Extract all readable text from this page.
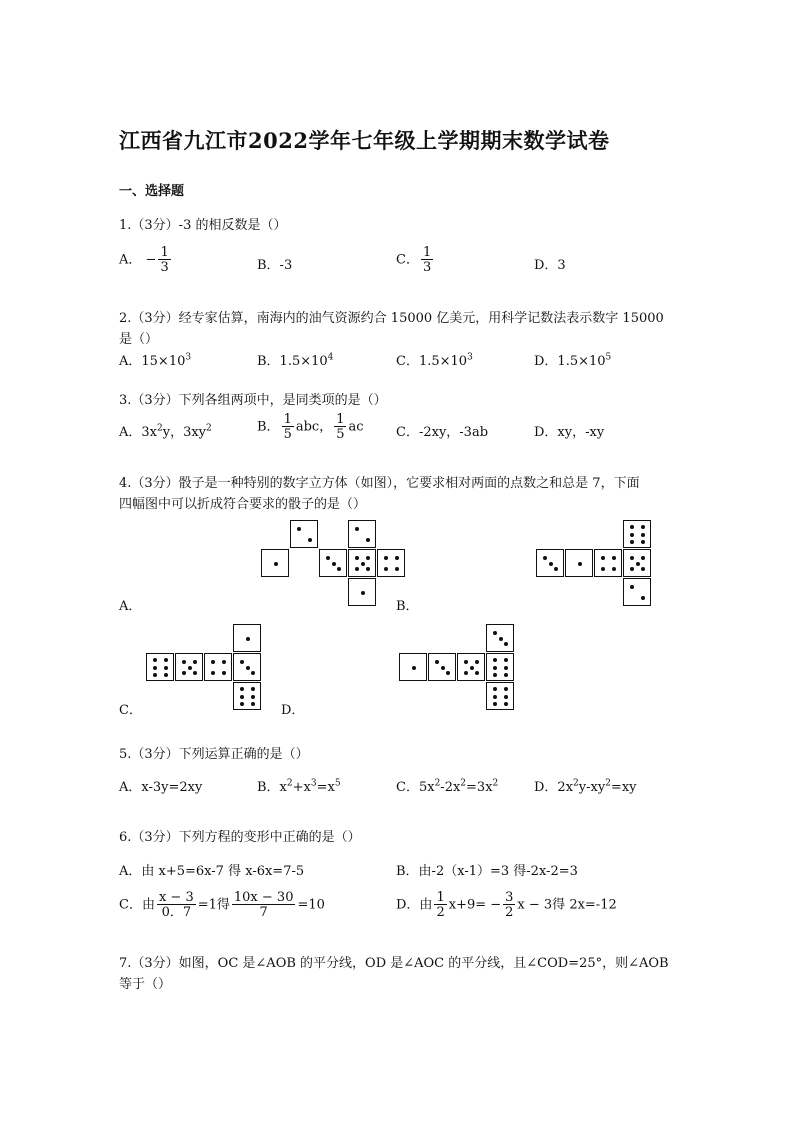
江西省九江市2022学年七年级上学期期末数学试卷
一、选择题
1.（3分）-3 的相反数是（）
A． − $\frac{1}{3}$	B．-3	C． $\frac{1}{3}$	D．3
2.（3分）经专家估算，南海内的油气资源约合 15000 亿美元，用科学记数法表示数字 15000
是（）
A．$15\times 10^3$	B．$1.5\times 10^4$	C．$1.5\times 10^3$	D．$1.5\times 10^5$
3.（3分）下列各组两项中，是同类项的是（）
A．$3x^2y$，$3xy^2$	B． $\frac{1}{5}$ abc， $\frac{1}{5}$ ac C．-2xy，-3ab	D．xy，-xy
4.（3分）骰子是一种特别的数字立方体（如图），它要求相对两面的点数之和总是 7，下面
四幅图中可以折成符合要求的骰子的是（）
A．	B．
C．	D．
5.（3分）下列运算正确的是（）
A．x-3y=2xy	B．$x^2+x^3=x^5$	C．$5x^2-2x^2=3x^2$	D．$2x^2y-xy^2=xy$
6.（3分）下列方程的变形中正确的是（）
A．由 x+5=6x-7 得 x-6x=7-5	B．由-2（x-1）=3 得-2x-2=3
C．由 $\frac{x - 3}{0.7} =1$得 $\frac{10x - 30}{7} =10$	D．由 $\frac{1}{2} x+9= - \frac{3}{2}$ x − 3得 2x=-12
7.（3分）如图，OC 是∠AOB 的平分线，OD 是∠AOC 的平分线，且∠COD=25°，则∠AOB
等于（）
